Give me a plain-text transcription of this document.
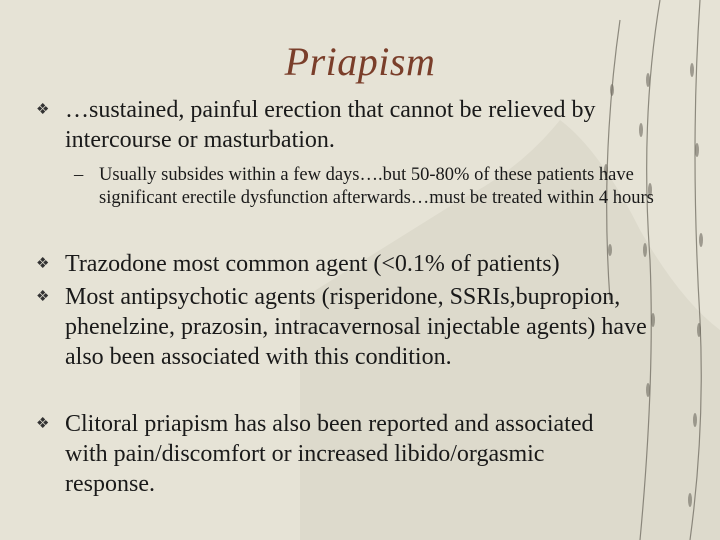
Priapism
❖ …sustained, painful erection that cannot be relieved by intercourse or masturbation.
– Usually subsides within a few days….but 50-80% of these patients have significant erectile dysfunction afterwards…must be treated within 4 hours
❖ Trazodone most common agent (<0.1% of patients)
❖ Most antipsychotic agents (risperidone, SSRIs,bupropion, phenelzine, prazosin, intracavernosal injectable agents) have also been associated with this condition.
❖ Clitoral priapism has also been reported and associated with pain/discomfort or increased libido/orgasmic response.
